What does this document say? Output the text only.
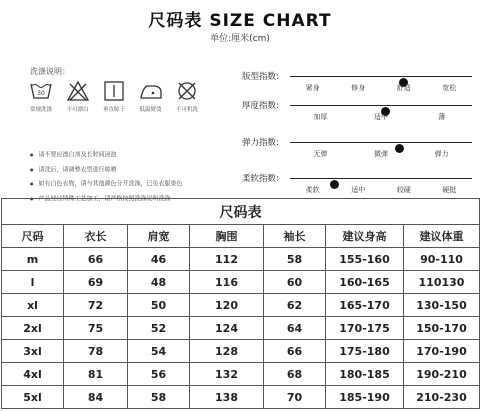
尺码表 SIZE CHART
单位:厘米(cm)
洗涤说明：
30
常规洗涤	不可漂白	垂直晾干	低温熨烫	不可机洗
● 请不要应漂白剂及长时间浸泡
● 请洗后，请调整衣型进行晾晒
● 如有白色衣物，请与其他颜色分开洗涤，已免衣服染色
● 产品经过特殊工艺加工，请严格按照洗涤说明洗涤
版型指数:
紧身	修身	舒适	宽松
厚度指数:
加厚	适中	薄
弹力指数:
无弹	微弹	弹力
柔软指数:
柔软	适中	较硬	硬挺
尺码表						
尺码	衣长	肩宽	胸围	袖长	建议身高	建议体重
m	66	46	112	58	155-160	90-110
l	69	48	116	60	160-165	110130
xl	72	50	120	62	165-170	130-150
2xl	75	52	124	64	170-175	150-170
3xl	78	54	128	66	175-180	170-190
4xl	81	56	132	68	180-185	190-210
5xl	84	58	138	70	185-190	210-230
